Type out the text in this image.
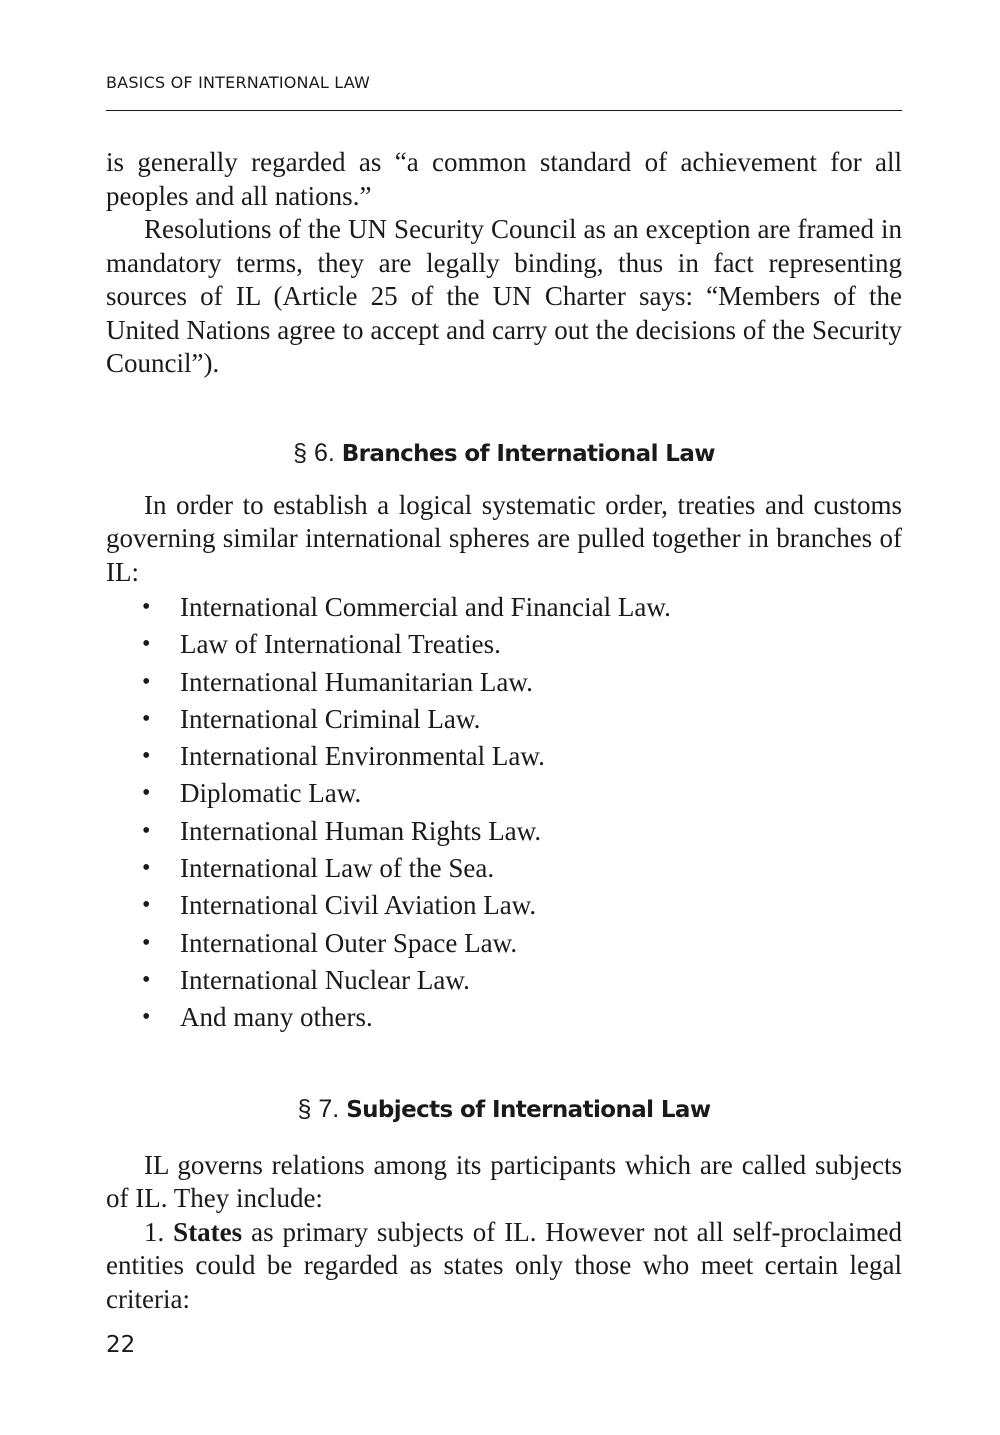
BASICS OF INTERNATIONAL LAW

is generally regarded as “a common standard of achievement for all peoples and all nations.”

Resolutions of the UN Security Council as an exception are framed in mandatory terms, they are legally binding, thus in fact representing sources of IL (Article 25 of the UN Charter says: “Members of the United Nations agree to accept and carry out the decisions of the Security Council”).

§ 6. Branches of International Law

In order to establish a logical systematic order, treaties and customs governing similar international spheres are pulled together in branches of IL:

• International Commercial and Financial Law.
• Law of International Treaties.
• International Humanitarian Law.
• International Criminal Law.
• International Environmental Law.
• Diplomatic Law.
• International Human Rights Law.
• International Law of the Sea.
• International Civil Aviation Law.
• International Outer Space Law.
• International Nuclear Law.
• And many others.
§ 7. Subjects of International Law

IL governs relations among its participants which are called subjects of IL. They include:

1. States as primary subjects of IL. However not all self-proclaimed entities could be regarded as states only those who meet certain legal criteria:

22
